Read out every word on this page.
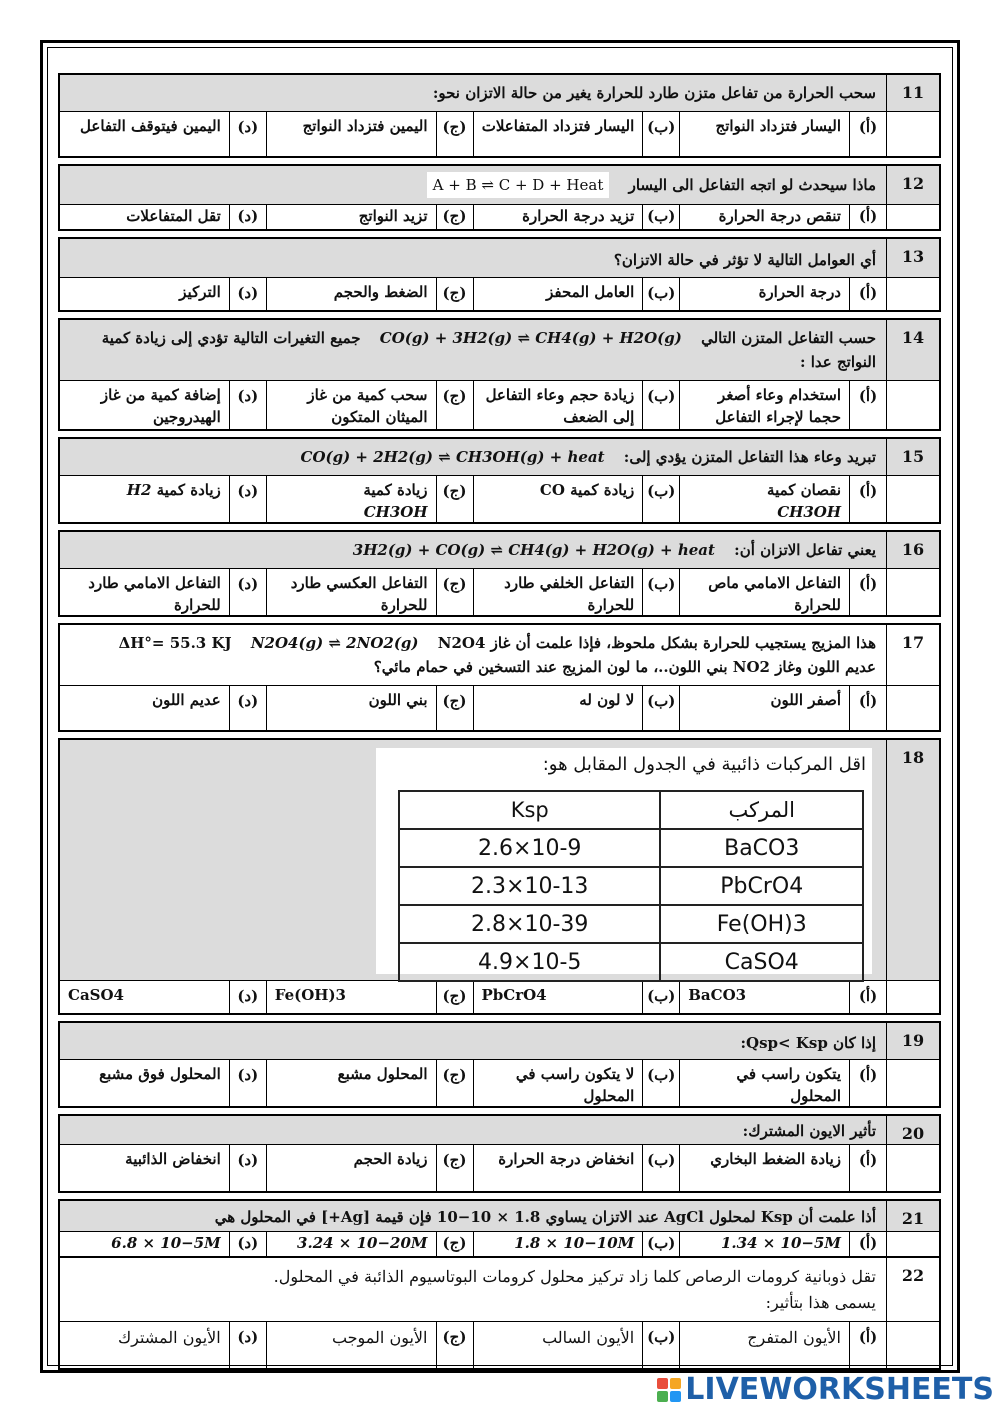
11
سحب الحرارة من تفاعل متزن طارد للحرارة يغير من حالة الاتزان نحو:
(أ)
اليسار فتزداد النواتج
(ب)
اليسار فتزداد المتفاعلات
(ج)
اليمين فتزداد النواتج
(د)
اليمين فيتوقف التفاعل
12
ماذا سيحدث لو اتجه التفاعل الى اليسار A + B ⇌ C + D + Heat
(أ)
تنقص درجة الحرارة
(ب)
تزيد درجة الحرارة
(ج)
تزيد النواتج
(د)
تقل المتفاعلات
13
أي العوامل التالية لا تؤثر في حالة الاتزان؟
(أ)
درجة الحرارة
(ب)
العامل المحفز
(ج)
الضغط والحجم
(د)
التركيز
14
حسب التفاعل المتزن التالي CO(g) + 3H2(g) ⇌ CH4(g) + H2O(g) جميع التغيرات التالية تؤدي إلى زيادة كمية النواتج عدا :
(أ)
استخدام وعاء أصغر حجما لإجراء التفاعل
(ب)
زيادة حجم وعاء التفاعل إلى الضعف
(ج)
سحب كمية من غاز الميثان المتكون
(د)
إضافة كمية من غاز الهيدروجين
15
تبريد وعاء هذا التفاعل المتزن يؤدي إلى: CO(g) + 2H2(g) ⇌ CH3OH(g) + heat
(أ)
نقصان كمية
CH3OH
(ب)
زيادة كمية CO
(ج)
زيادة كمية
CH3OH
(د)
زيادة كمية H2
16
يعني تفاعل الاتزان أن: 3H2(g) + CO(g) ⇌ CH4(g) + H2O(g) + heat
(أ)
التفاعل الامامي ماص للحرارة
(ب)
التفاعل الخلفي طارد للحرارة
(ج)
التفاعل العكسي طارد للحرارة
(د)
التفاعل الامامي طارد للحرارة
17
هذا المزيج يستجيب للحرارة بشكل ملحوظ، فإذا علمت أن غاز N2O4 N2O4(g) ⇌ 2NO2(g) ΔH°= 55.3 KJ
عديم اللون وغاز NO2 بني اللون..، ما لون المزيج عند التسخين في حمام مائي؟
(أ)
أصفر اللون
(ب)
لا لون له
(ج)
بني اللون
(د)
عديم اللون
18
اقل المركبات ذائبية في الجدول المقابل هو:
المركب	Ksp
BaCO3	2.6×10-9
PbCrO4	2.3×10-13
Fe(OH)3	2.8×10-39
CaSO4	4.9×10-5
(أ)
BaCO3
(ب)
PbCrO4
(ج)
Fe(OH)3
(د)
CaSO4
19
إذا كان Qsp< Ksp:
(أ)
يتكون راسب في المحلول
(ب)
لا يتكون راسب في المحلول
(ج)
المحلول مشبع
(د)
المحلول فوق مشبع
20
تأثير الايون المشترك:
(أ)
زيادة الضغط البخاري
(ب)
انخفاض درجة الحرارة
(ج)
زيادة الحجم
(د)
انخفاض الذائبية
21
أذا علمت أن Ksp لمحلول AgCl عند الاتزان يساوي 1.8 × 10−10 فإن قيمة [Ag+] في المحلول هي
(أ)
1.34 × 10−5M
(ب)
1.8 × 10−10M
(ج)
3.24 × 10−20M
(د)
6.8 × 10−5M
22
تقل ذوبانية كرومات الرصاص كلما زاد تركيز محلول كرومات البوتاسيوم الذائبة في المحلول.
يسمى هذا بتأثير:
(أ)
الأيون المتفرج
(ب)
الأيون السالب
(ج)
الأيون الموجب
(د)
الأيون المشترك
LIVEWORKSHEETS
